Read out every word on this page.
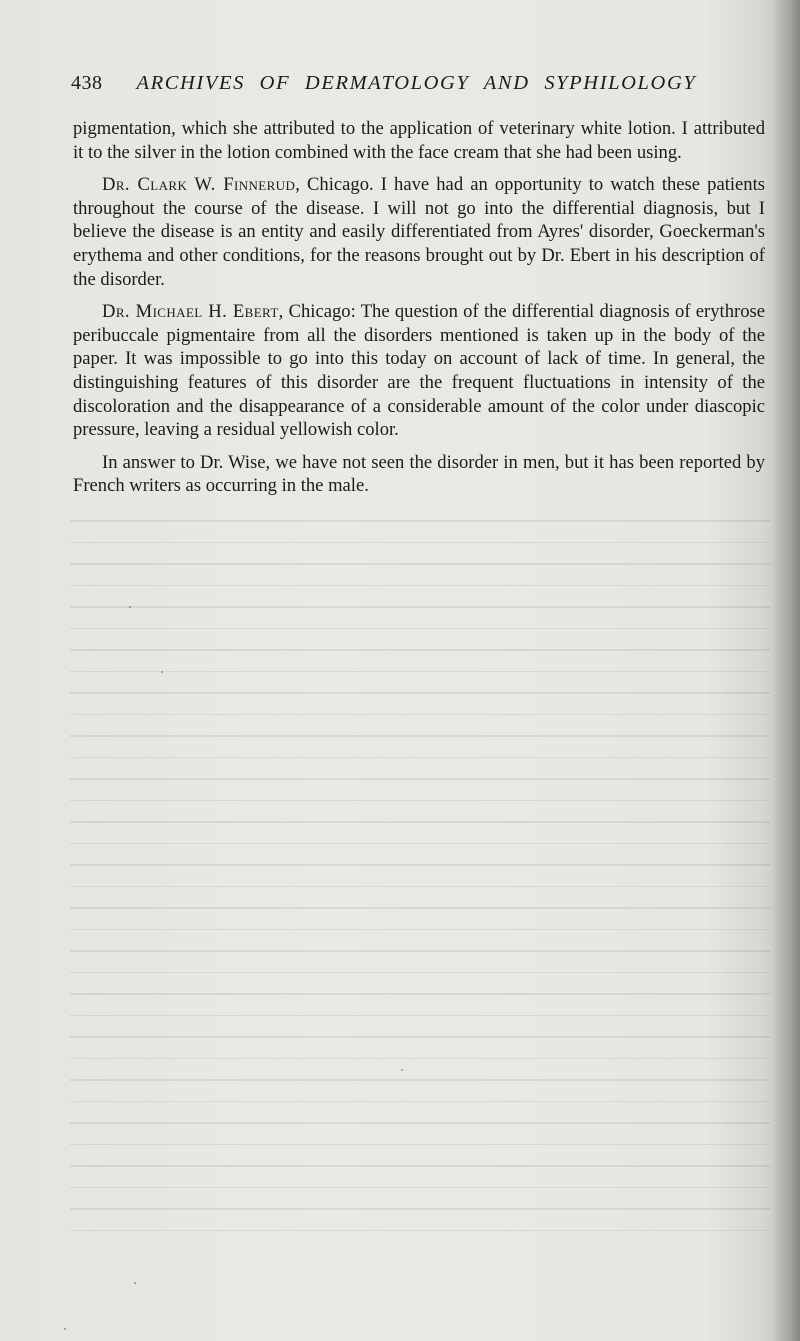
438 ARCHIVES OF DERMATOLOGY AND SYPHILOLOGY

pigmentation, which she attributed to the application of veterinary white lotion. I attributed it to the silver in the lotion combined with the face cream that she had been using.

Dr. Clark W. Finnerud, Chicago. I have had an opportunity to watch these patients throughout the course of the disease. I will not go into the differential diagnosis, but I believe the disease is an entity and easily differentiated from Ayres' disorder, Goeckerman's erythema and other conditions, for the reasons brought out by Dr. Ebert in his description of the disorder.

Dr. Michael H. Ebert, Chicago: The question of the differential diagnosis of erythrose peribuccale pigmentaire from all the disorders mentioned is taken up in the body of the paper. It was impossible to go into this today on account of lack of time. In general, the distinguishing features of this disorder are the frequent fluctuations in intensity of the discoloration and the disappearance of a considerable amount of the color under diascopic pressure, leaving a residual yellowish color.

In answer to Dr. Wise, we have not seen the disorder in men, but it has been reported by French writers as occurring in the male.
